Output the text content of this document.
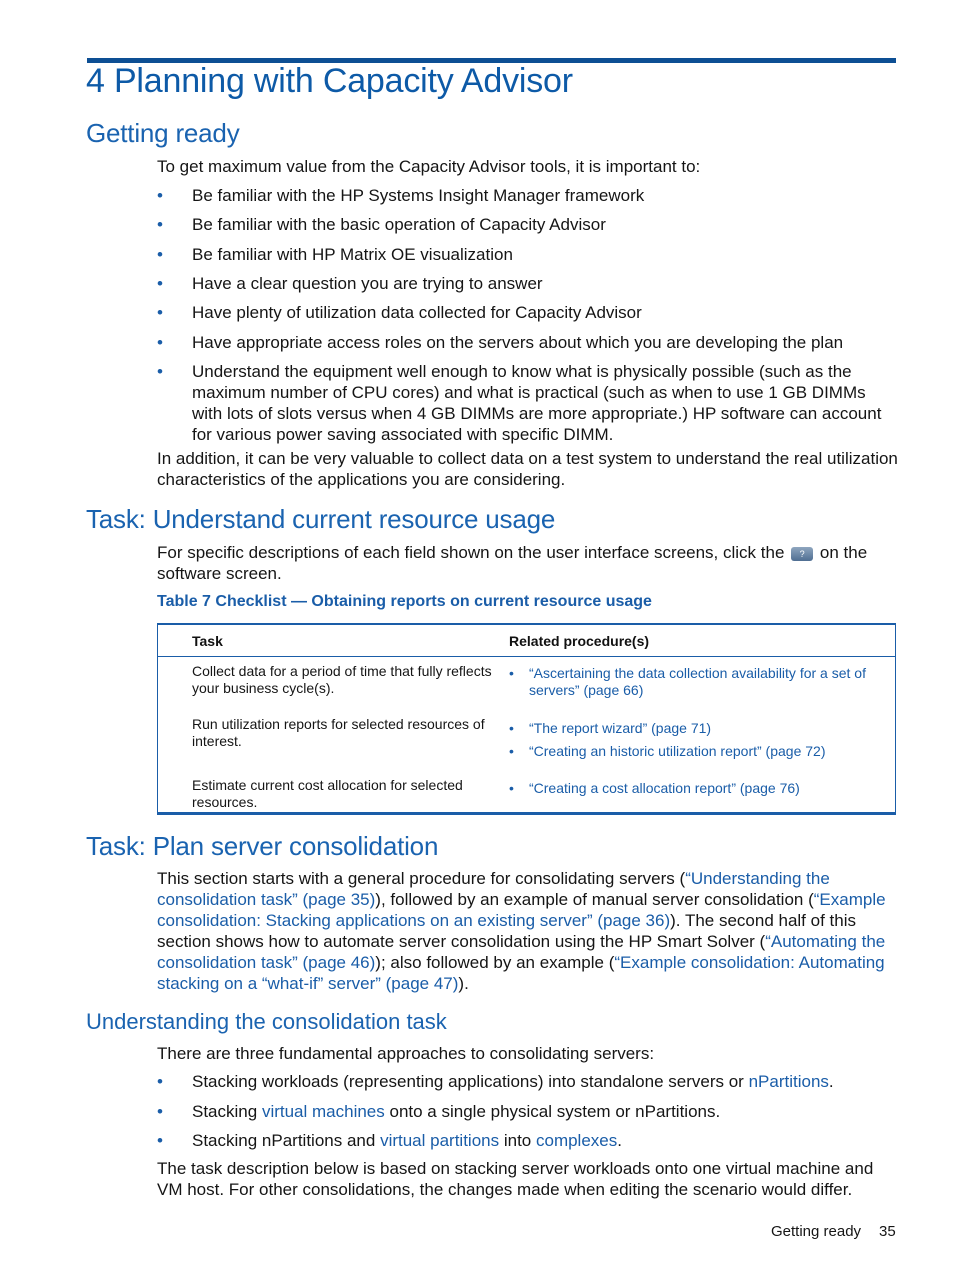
4 Planning with Capacity Advisor
Getting ready

To get maximum value from the Capacity Advisor tools, it is important to:

• Be familiar with the HP Systems Insight Manager framework
• Be familiar with the basic operation of Capacity Advisor
• Be familiar with HP Matrix OE visualization
• Have a clear question you are trying to answer
• Have plenty of utilization data collected for Capacity Advisor
• Have appropriate access roles on the servers about which you are developing the plan
• Understand the equipment well enough to know what is physically possible (such as the maximum number of CPU cores) and what is practical (such as when to use 1 GB DIMMs with lots of slots versus when 4 GB DIMMs are more appropriate.) HP software can account for various power saving associated with specific DIMM.

In addition, it can be very valuable to collect data on a test system to understand the real utilization characteristics of the applications you are considering.

Task: Understand current resource usage

For specific descriptions of each field shown on the user interface screens, click the ? on the software screen.

Table 7 Checklist — Obtaining reports on current resource usage

Task	Related procedure(s)
Collect data for a period of time that fully reflects your business cycle(s).
• “Ascertaining the data collection availability for a set of servers” (page 66)
Run utilization reports for selected resources of interest.
• “The report wizard” (page 71)
• “Creating an historic utilization report” (page 72)
Estimate current cost allocation for selected resources.
• “Creating a cost allocation report” (page 76)
Task: Plan server consolidation

This section starts with a general procedure for consolidating servers (“Understanding the consolidation task” (page 35)), followed by an example of manual server consolidation (“Example consolidation: Stacking applications on an existing server” (page 36)). The second half of this section shows how to automate server consolidation using the HP Smart Solver (“Automating the consolidation task” (page 46)); also followed by an example (“Example consolidation: Automating stacking on a “what-if” server” (page 47)).

Understanding the consolidation task

There are three fundamental approaches to consolidating servers:

• Stacking workloads (representing applications) into standalone servers or nPartitions.
• Stacking virtual machines onto a single physical system or nPartitions.
• Stacking nPartitions and virtual partitions into complexes.

The task description below is based on stacking server workloads onto one virtual machine and VM host. For other consolidations, the changes made when editing the scenario would differ.

Getting ready 35
